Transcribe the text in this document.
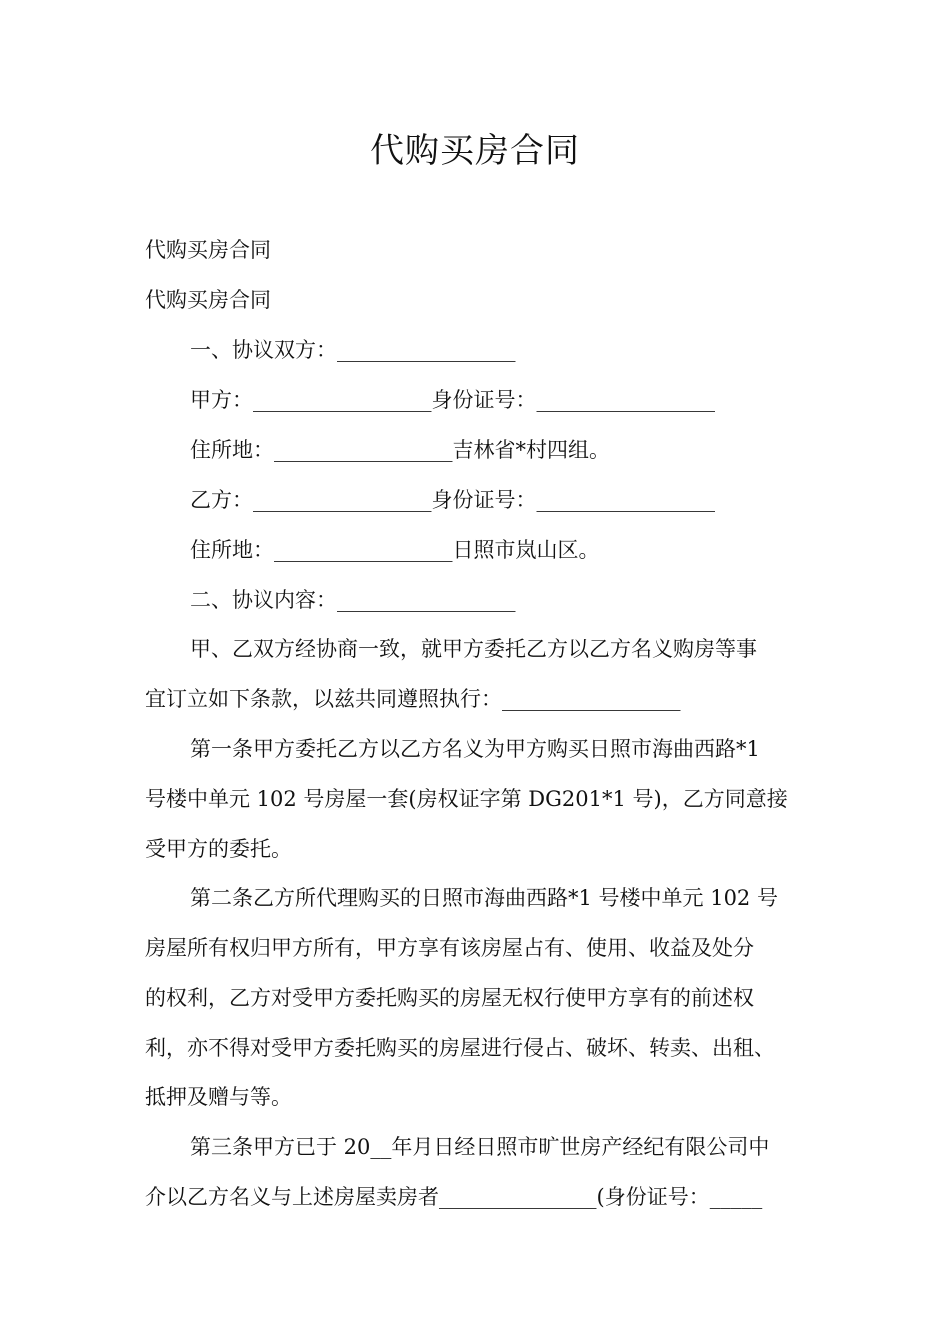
代购买房合同
代购买房合同
代购买房合同
一、协议双方：_________________
甲方：_________________身份证号：_________________
住所地：_________________吉林省*村四组。
乙方：_________________身份证号：_________________
住所地：_________________日照市岚山区。
二、协议内容：_________________
甲、乙双方经协商一致，就甲方委托乙方以乙方名义购房等事
宜订立如下条款，以兹共同遵照执行：_________________
第一条甲方委托乙方以乙方名义为甲方购买日照市海曲西路*1
号楼中单元 102 号房屋一套(房权证字第 DG201*1 号)，乙方同意接
受甲方的委托。
第二条乙方所代理购买的日照市海曲西路*1 号楼中单元 102 号
房屋所有权归甲方所有，甲方享有该房屋占有、使用、收益及处分
的权利，乙方对受甲方委托购买的房屋无权行使甲方享有的前述权
利，亦不得对受甲方委托购买的房屋进行侵占、破坏、转卖、出租、
抵押及赠与等。
第三条甲方已于 20__年月日经日照市旷世房产经纪有限公司中
介以乙方名义与上述房屋卖房者_______________(身份证号：_____
